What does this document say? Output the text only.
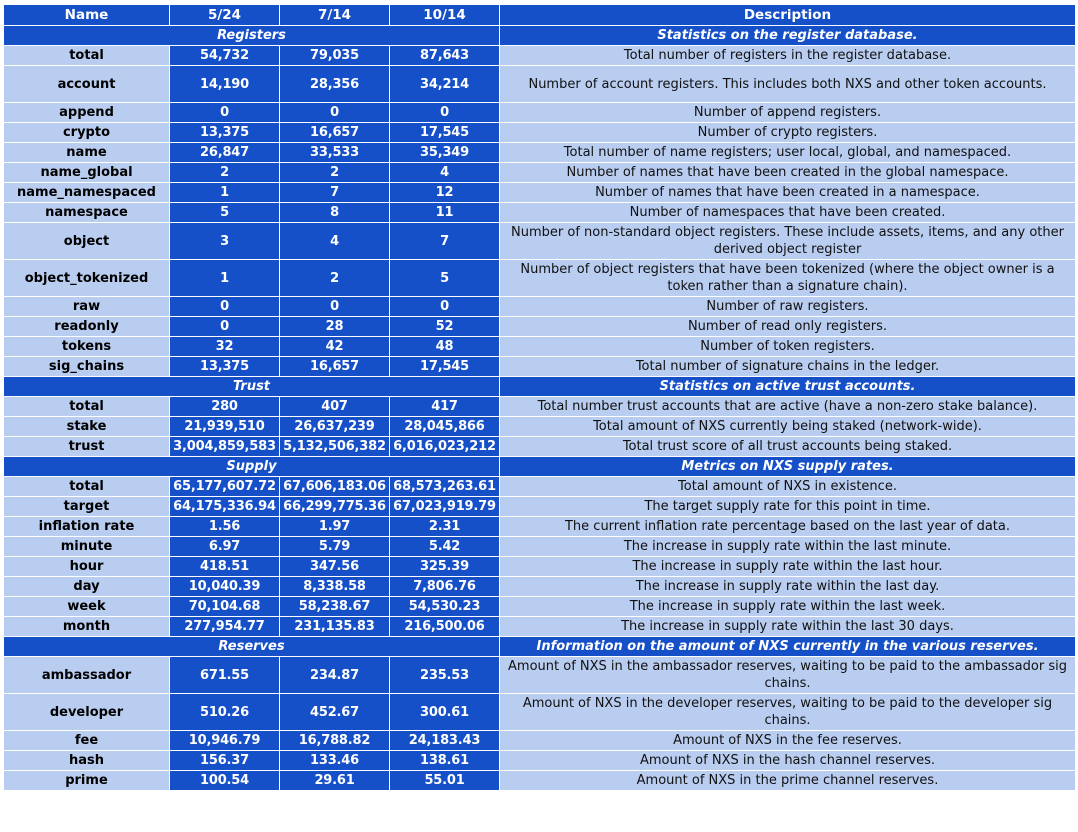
Name	5/24	7/14	10/14	Description
Registers				Statistics on the register database.
total	54,732	79,035	87,643	Total number of registers in the register database.
account	14,190	28,356	34,214	Number of account registers. This includes both NXS and other token accounts.
append	0	0	0	Number of append registers.
crypto	13,375	16,657	17,545	Number of crypto registers.
name	26,847	33,533	35,349	Total number of name registers; user local, global, and namespaced.
name_global	2	2	4	Number of names that have been created in the global namespace.
name_namespaced	1	7	12	Number of names that have been created in a namespace.
namespace	5	8	11	Number of namespaces that have been created.
object	3	4	7	Number of non-standard object registers. These include assets, items, and any other derived object register
object_tokenized	1	2	5	Number of object registers that have been tokenized (where the object owner is a token rather than a signature chain).
raw	0	0	0	Number of raw registers.
readonly	0	28	52	Number of read only registers.
tokens	32	42	48	Number of token registers.
sig_chains	13,375	16,657	17,545	Total number of signature chains in the ledger.
Trust				Statistics on active trust accounts.
total	280	407	417	Total number trust accounts that are active (have a non-zero stake balance).
stake	21,939,510	26,637,239	28,045,866	Total amount of NXS currently being staked (network-wide).
trust	3,004,859,583	5,132,506,382	6,016,023,212	Total trust score of all trust accounts being staked.
Supply				Metrics on NXS supply rates.
total	65,177,607.72	67,606,183.06	68,573,263.61	Total amount of NXS in existence.
target	64,175,336.94	66,299,775.36	67,023,919.79	The target supply rate for this point in time.
inflation rate	1.56	1.97	2.31	The current inflation rate percentage based on the last year of data.
minute	6.97	5.79	5.42	The increase in supply rate within the last minute.
hour	418.51	347.56	325.39	The increase in supply rate within the last hour.
day	10,040.39	8,338.58	7,806.76	The increase in supply rate within the last day.
week	70,104.68	58,238.67	54,530.23	The increase in supply rate within the last week.
month	277,954.77	231,135.83	216,500.06	The increase in supply rate within the last 30 days.
Reserves				Information on the amount of NXS currently in the various reserves.
ambassador	671.55	234.87	235.53	Amount of NXS in the ambassador reserves, waiting to be paid to the ambassador sig chains.
developer	510.26	452.67	300.61	Amount of NXS in the developer reserves, waiting to be paid to the developer sig chains.
fee	10,946.79	16,788.82	24,183.43	Amount of NXS in the fee reserves.
hash	156.37	133.46	138.61	Amount of NXS in the hash channel reserves.
prime	100.54	29.61	55.01	Amount of NXS in the prime channel reserves.
